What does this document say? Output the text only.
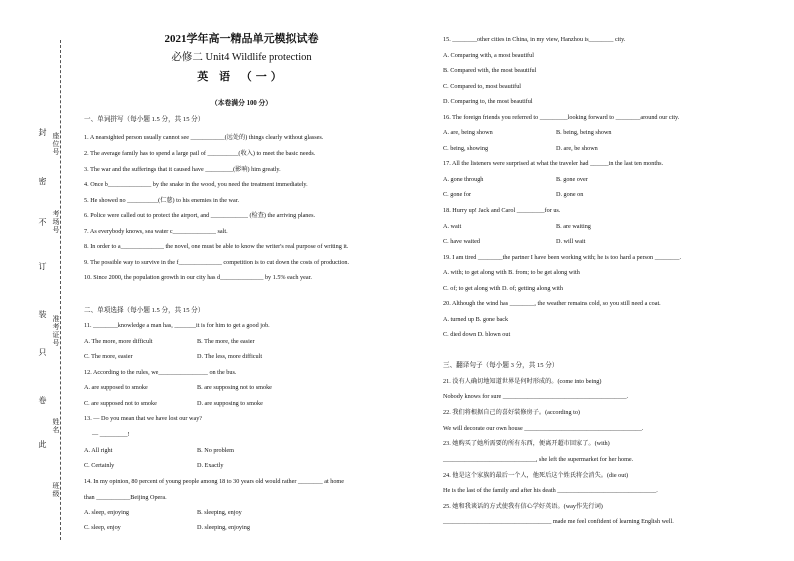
封
密
不
订
装
只
卷
此
座位号
考场号
准考证号
姓名
班级
2021学年高一精品单元模拟试卷
必修二 Unit4 Wildlife protection
英 语 （一）
（本卷满分 100 分）
一、单词拼写（每小题 1.5 分，共 15 分）
1. A nearsighted person usually cannot see ___________(远处的) things clearly without glasses.
2. The average family has to spend a large pail of __________(收入) to meet the basic needs.
3. The war and the sufferings that it caused have _________(影响) him greatly.
4. Once b______________ by the snake in the wood, you need the treatment immediately.
5. He showed no __________(仁慈) to his enemies in the war.
6. Police were called out to protect the airport, and ____________ (检查) the arriving planes.
7. As everybody knows, sea water c______________ salt.
8. In order to a______________ the novel, one must be able to know the writer's real purpose of writing it.
9. The possible way to survive in the f______________ competition is to cut down the costs of production.
10. Since 2000, the population growth in our city has d______________ by 1.5% each year.
二、单项选择（每小题 1.5 分，共 15 分）
11. ________knowledge a man has, _______it is for him to get a good job.
A. The more, more difficult	B. The more, the easier
C. The more, easier	D. The less, more difficult
12. According to the rules, we________________ on the bus.
A. are supposed to smoke	B. are supposing not to smoke
C. are supposed not to smoke	D. are supposing to smoke
13. — Do you mean that we have lost our way?
— _________!
A. All right	B. No problem
C. Certainly	D. Exactly
14. In my opinion, 80 percent of young people among 18 to 30 years old would rather ________ at home
than ___________Beijing Opera.
A. sleep, enjoying	B. sleeping, enjoy
C. sleep, enjoy	D. sleeping, enjoying
15. ________other cities in China, in my view, Hanzhou is________ city.
A. Comparing with, a most beautiful
B. Compared with, the most beautiful
C. Compared to, most beautiful
D. Comparing to, the most beautiful
16. The foreign friends you referred to _________looking forward to ________around our city.
A. are, being shown	B. being, being shown
C. being, showing	D. are, be shown
17. All the listeners were surprised at what the traveler had ______in the last ten months.
A. gone through	B. gone over
C. gone for	D. gone on
18. Hurry up! Jack and Carol _________for us.
A. wait	B. are waiting
C. have waited	D. will wait
19. I am tired ________the partner I have been working with; he is too hard a person ________.
A. with; to get along with B. from; to be get along with
C. of; to get along with D. of; getting along with
20. Although the wind has ________, the weather remains cold, so you still need a coat.
A. turned up B. gone back
C. died down D. blown out
三、翻译句子（每小题 3 分，共 15 分）
21. 没有人确切地知道世界是何时形成的。(come into being)
Nobody knows for sure ________________________________________.
22. 我们将根据自己的喜好装修房子。(according to)
We will decorate our own house ______________________________________.
23. 她购买了她所需要的所有东西，便离开超市回家了。(with)
______________________________, she left the supermarket for her home.
24. 他是这个家族的最后一个人，他死后这个姓氏将会消失。(die out)
He is the last of the family and after his death ________________________________.
25. 她和我谈话的方式使我有信心学好英语。(way作先行词)
___________________________________ made me feel confident of learning English well.
